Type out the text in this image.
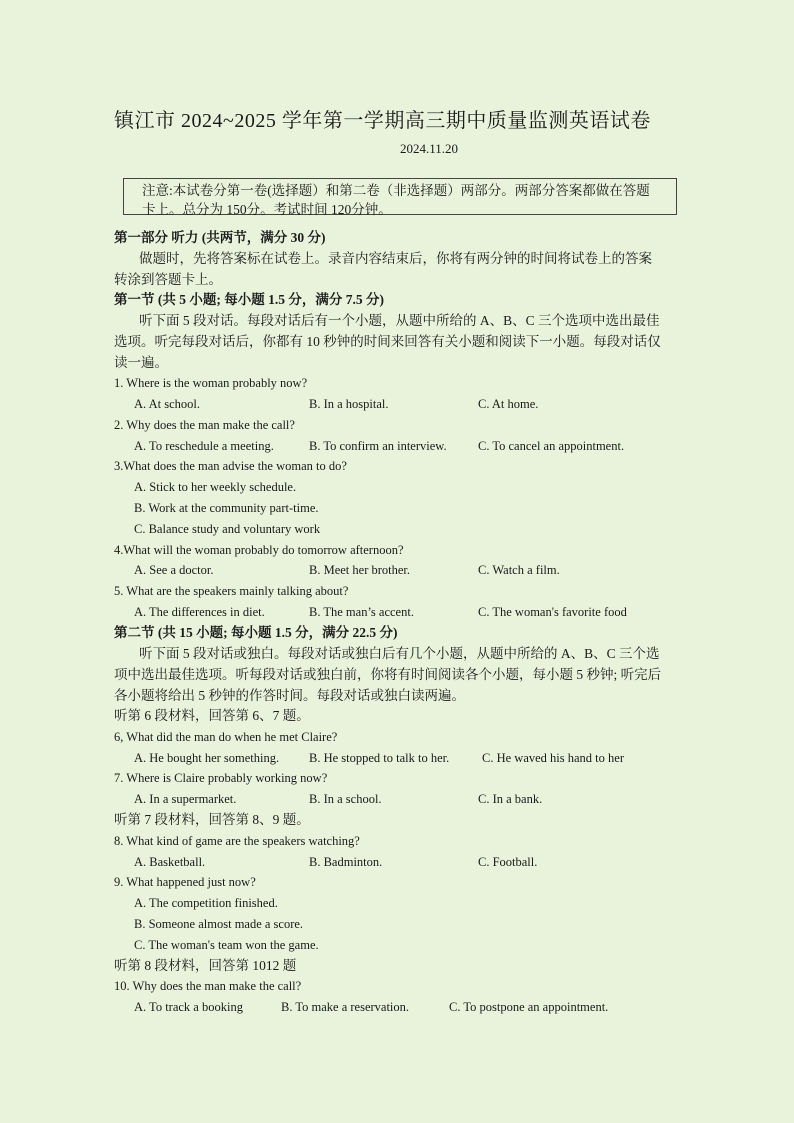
镇江市 2024~2025 学年第一学期高三期中质量监测英语试卷
2024.11.20
注意:本试卷分第一卷(选择题）和第二卷（非选择题）两部分。两部分答案都做在答题
卡上。总分为 150分。考试时间 120分钟。
第一部分 听力 (共两节，满分 30 分)
做题时，先将答案标在试卷上。录音内容结束后，你将有两分钟的时间将试卷上的答案
转涂到答题卡上。
第一节 (共 5 小题; 每小题 1.5 分，满分 7.5 分)
听下面 5 段对话。每段对话后有一个小题，从题中所给的 A、B、C 三个选项中选出最佳
选项。听完每段对话后，你都有 10 秒钟的时间来回答有关小题和阅读下一小题。每段对话仅
读一遍。
1. Where is the woman probably now?
A. At school.	B. In a hospital.	C. At home.
2. Why does the man make the call?
A. To reschedule a meeting.	B. To confirm an interview.	C. To cancel an appointment.
3.What does the man advise the woman to do?
A. Stick to her weekly schedule.
B. Work at the community part-time.
C. Balance study and voluntary work
4.What will the woman probably do tomorrow afternoon?
A. See a doctor.	B. Meet her brother.	C. Watch a film.
5. What are the speakers mainly talking about?
A. The differences in diet.	B. The man’s accent.	C. The woman's favorite food
第二节 (共 15 小题; 每小题 1.5 分，满分 22.5 分)
听下面 5 段对话或独白。每段对话或独白后有几个小题，从题中所给的 A、B、C 三个选
项中选出最佳选项。听每段对话或独白前，你将有时间阅读各个小题，每小题 5 秒钟; 听完后
各小题将给出 5 秒钟的作答时间。每段对话或独白读两遍。
听第 6 段材料，回答第 6、7 题。
6, What did the man do when he met Claire?
A. He bought her something. B. He stopped to talk to her.	C. He waved his hand to her
7. Where is Claire probably working now?
A. In a supermarket.	B. In a school.	C. In a bank.
听第 7 段材料，回答第 8、9 题。
8. What kind of game are the speakers watching?
A. Basketball.	B. Badminton.	C. Football.
9. What happened just now?
A. The competition finished.
B. Someone almost made a score.
C. The woman's team won the game.
听第 8 段材料，回答第 1012 题
10. Why does the man make the call?
A. To track a booking	B. To make a reservation.	C. To postpone an appointment.
